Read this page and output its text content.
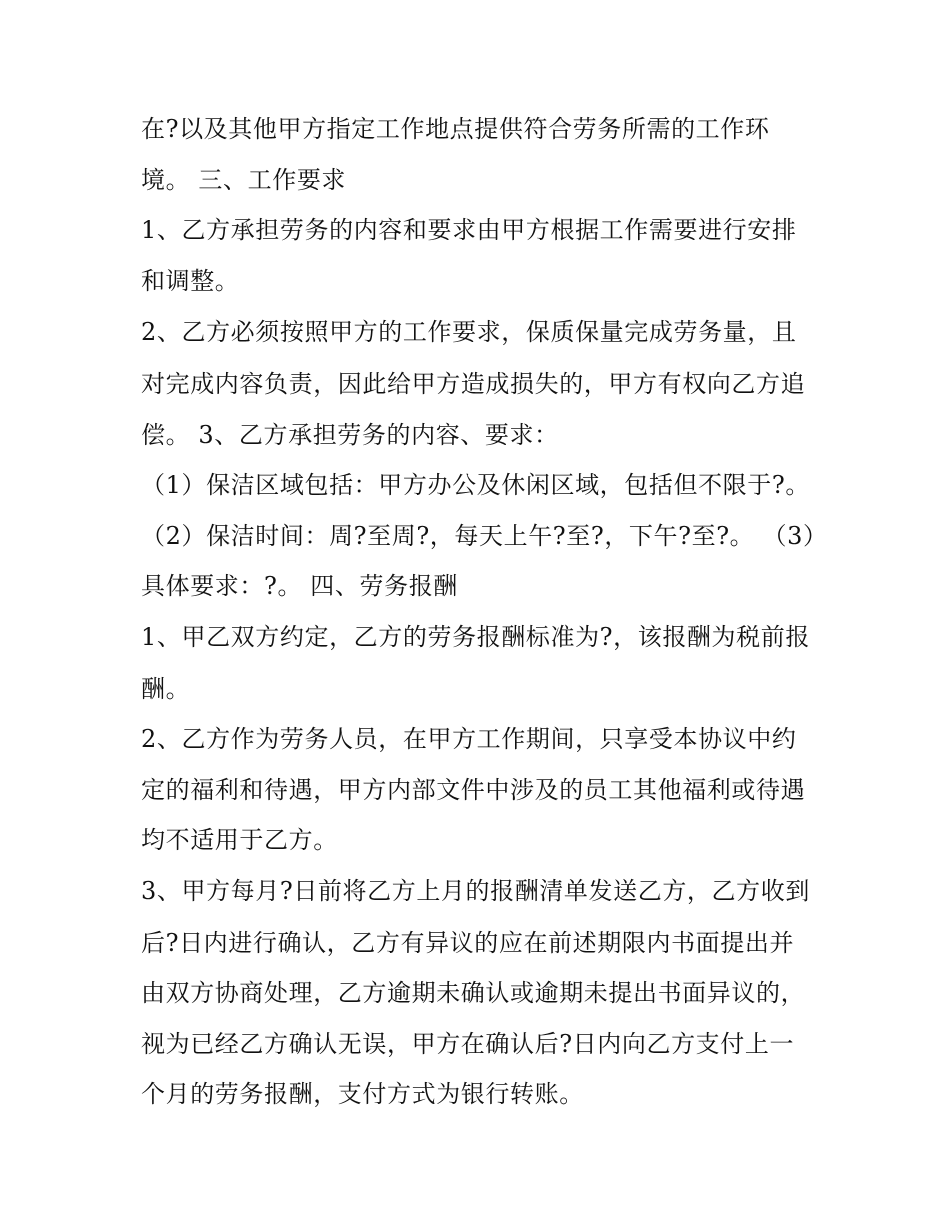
在?以及其他甲方指定工作地点提供符合劳务所需的工作环
境。 三、工作要求
1、乙方承担劳务的内容和要求由甲方根据工作需要进行安排
和调整。
2、乙方必须按照甲方的工作要求，保质保量完成劳务量，且
对完成内容负责，因此给甲方造成损失的，甲方有权向乙方追
偿。 3、乙方承担劳务的内容、要求：
（1）保洁区域包括：甲方办公及休闲区域，包括但不限于?。
（2）保洁时间：周?至周?，每天上午?至?，下午?至?。 （3）
具体要求：?。 四、劳务报酬
1、甲乙双方约定，乙方的劳务报酬标准为?，该报酬为税前报
酬。
2、乙方作为劳务人员，在甲方工作期间，只享受本协议中约
定的福利和待遇，甲方内部文件中涉及的员工其他福利或待遇
均不适用于乙方。
3、甲方每月?日前将乙方上月的报酬清单发送乙方，乙方收到
后?日内进行确认，乙方有异议的应在前述期限内书面提出并
由双方协商处理，乙方逾期未确认或逾期未提出书面异议的，
视为已经乙方确认无误，甲方在确认后?日内向乙方支付上一
个月的劳务报酬，支付方式为银行转账。
